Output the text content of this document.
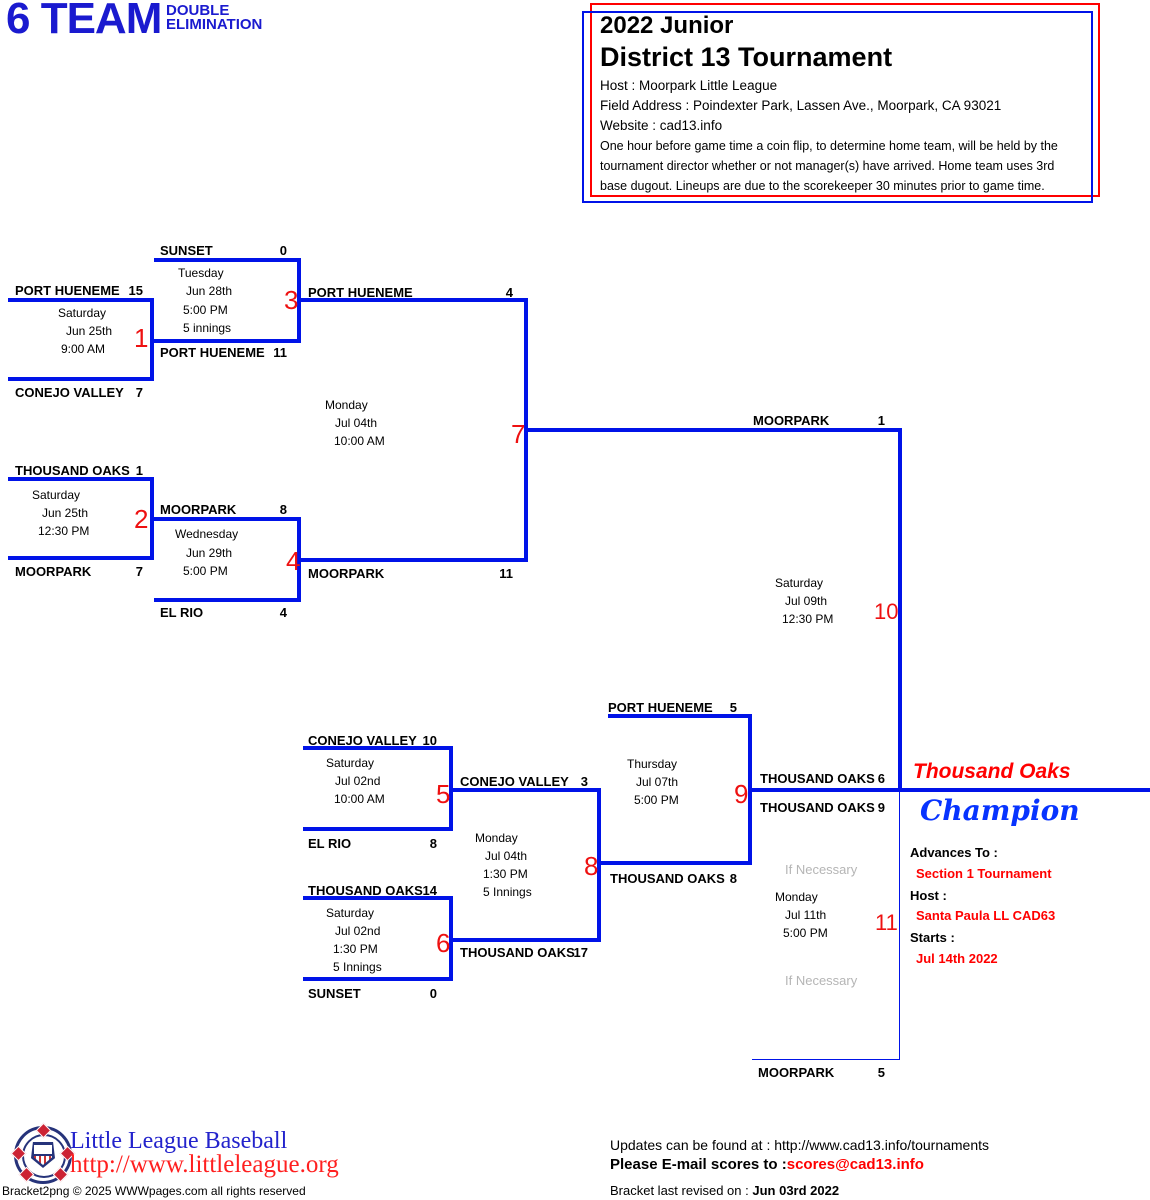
6 TEAM DOUBLE
ELIMINATION	2022 Junior
District 13 Tournament
Host : Moorpark Little League
Field Address : Poindexter Park, Lassen Ave., Moorpark, CA 93021
Website : cad13.info
One hour before game time a coin flip, to determine home team, will be held by the
tournament director whether or not manager(s) have arrived. Home team uses 3rd
base dugout. Lineups are due to the scorekeeper 30 minutes prior to game time.
PORT HUENEME 15
CONEJO VALLEY 7
Saturday
Jun 25th
9:00 AM 1
THOUSAND OAKS 1
MOORPARK	7
Saturday
Jun 25th
12:30 PM 2
SUNSET	0
PORT HUENEME 11
Tuesday
Jun 28th
5:00 PM
5 innings
3
MOORPARK	8
EL RIO	4
Wednesday
Jun 29th
5:00 PM 4
CONEJO VALLEY 10
EL RIO	8
Saturday
Jul 02nd
10:00 AM 5
THOUSAND OAKS 14
SUNSET	0
Saturday
Jul 02nd
1:30 PM
5 Innings
6
PORT HUENEME	4
MOORPARK	11
Monday
Jul 04th
10:00 AM	7
CONEJO VALLEY 3
THOUSAND OAKS
17
Monday
Jul 04th
1:30 PM
5 Innings
8
PORT HUENEME	5
THOUSAND OAKS 8
Thursday
Jul 07th
5:00 PM 9
MOORPARK	1
THOUSAND OAKS 6
Saturday
Jul 09th
12:30 PM 10
THOUSAND OAKS 9
MOORPARK	5
If Necessary
Monday
Jul 11th
5:00 PM
If Necessary
11
Thousand Oaks
Champion
Advances To :
Section 1 Tournament
Host :
Santa Paula LL CAD63
Starts :
Jul 14th 2022
Little League Baseball
http://www.littleleague.org
Bracket2png © 2025 WWWpages.com all rights reserved
Updates can be found at : http://www.cad13.info/tournaments
Please E-mail scores to :scores@cad13.info
Bracket last revised on : Jun 03rd 2022
